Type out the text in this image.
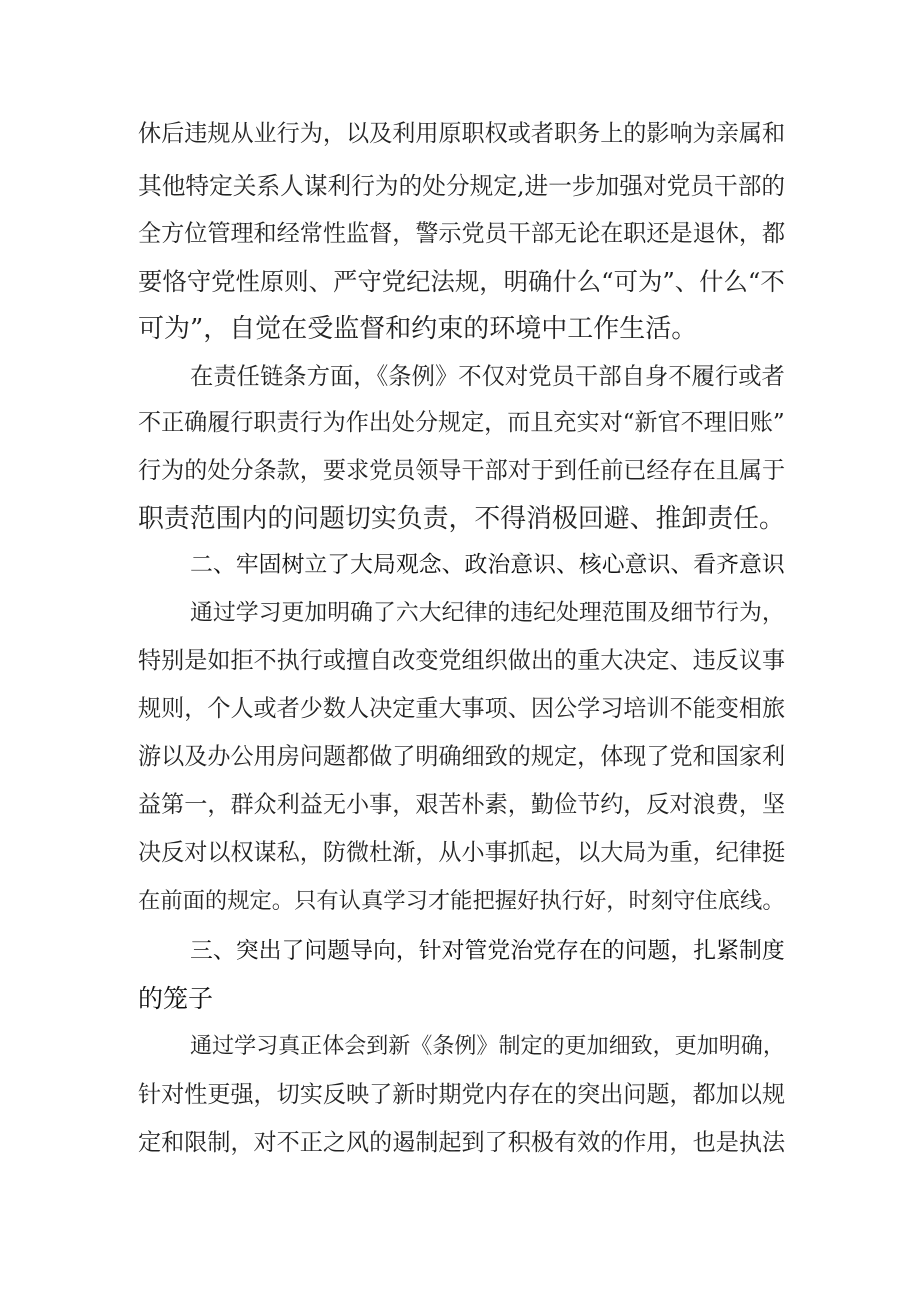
休后违规从业行为，以及利用原职权或者职务上的影响为亲属和
其他特定关系人谋利行为的处分规定,进一步加强对党员干部的
全方位管理和经常性监督，警示党员干部无论在职还是退休，都
要恪守党性原则、严守党纪法规，明确什么“可为”、什么“不
可为”，自觉在受监督和约束的环境中工作生活。
在责任链条方面，《条例》不仅对党员干部自身不履行或者
不正确履行职责行为作出处分规定，而且充实对“新官不理旧账”
行为的处分条款，要求党员领导干部对于到任前已经存在且属于
职责范围内的问题切实负责，不得消极回避、推卸责任。
二、牢固树立了大局观念、政治意识、核心意识、看齐意识
通过学习更加明确了六大纪律的违纪处理范围及细节行为，
特别是如拒不执行或擅自改变党组织做出的重大决定、违反议事
规则，个人或者少数人决定重大事项、因公学习培训不能变相旅
游以及办公用房问题都做了明确细致的规定，体现了党和国家利
益第一，群众利益无小事，艰苦朴素，勤俭节约，反对浪费，坚
决反对以权谋私，防微杜渐，从小事抓起，以大局为重，纪律挺
在前面的规定。只有认真学习才能把握好执行好，时刻守住底线。
三、突出了问题导向，针对管党治党存在的问题，扎紧制度
的笼子
通过学习真正体会到新《条例》制定的更加细致，更加明确，
针对性更强，切实反映了新时期党内存在的突出问题，都加以规
定和限制，对不正之风的遏制起到了积极有效的作用，也是执法
